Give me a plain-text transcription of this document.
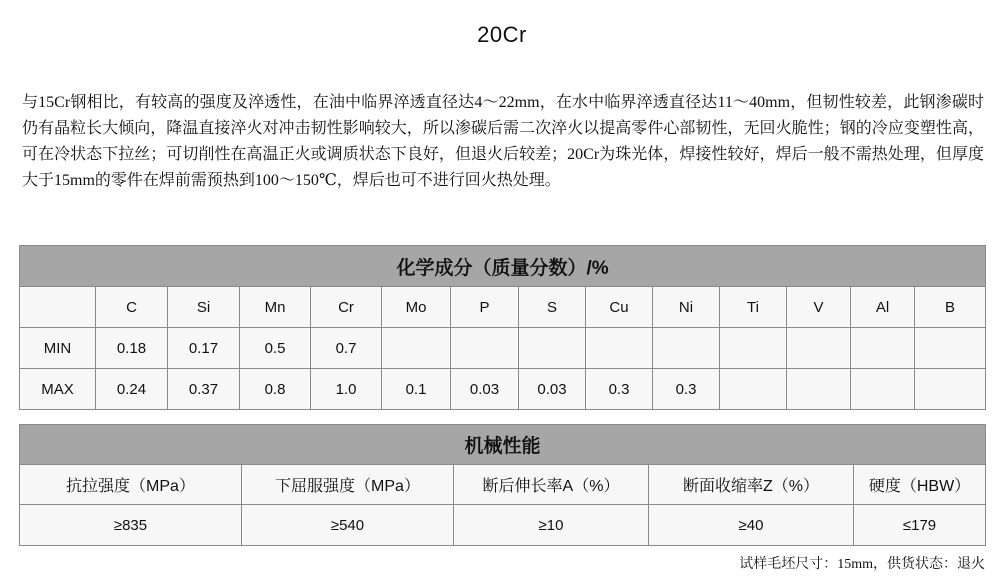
20Cr
与15Cr钢相比，有较高的强度及淬透性，在油中临界淬透直径达4～22mm，在水中临界淬透直径达11～40mm，但韧性较差，此钢渗碳时仍有晶粒长大倾向，降温直接淬火对冲击韧性影响较大，所以渗碳后需二次淬火以提高零件心部韧性，无回火脆性；钢的冷应变塑性高，可在冷状态下拉丝；可切削性在高温正火或调质状态下良好，但退火后较差；20Cr为珠光体，焊接性较好，焊后一般不需热处理，但厚度大于15mm的零件在焊前需预热到100～150℃，焊后也可不进行回火热处理。
化学成分（质量分数）/%													
	C	Si	Mn	Cr	Mo	P	S	Cu	Ni	Ti	V	Al	B
MIN	0.18	0.17	0.5	0.7									
MAX	0.24	0.37	0.8	1.0	0.1	0.03	0.03	0.3	0.3				
机械性能				
抗拉强度（MPa）	下屈服强度（MPa）	断后伸长率A（%）	断面收缩率Z（%）	硬度（HBW）
≥835	≥540	≥10	≥40	≤179
试样毛坯尺寸：15mm，供货状态：退火
